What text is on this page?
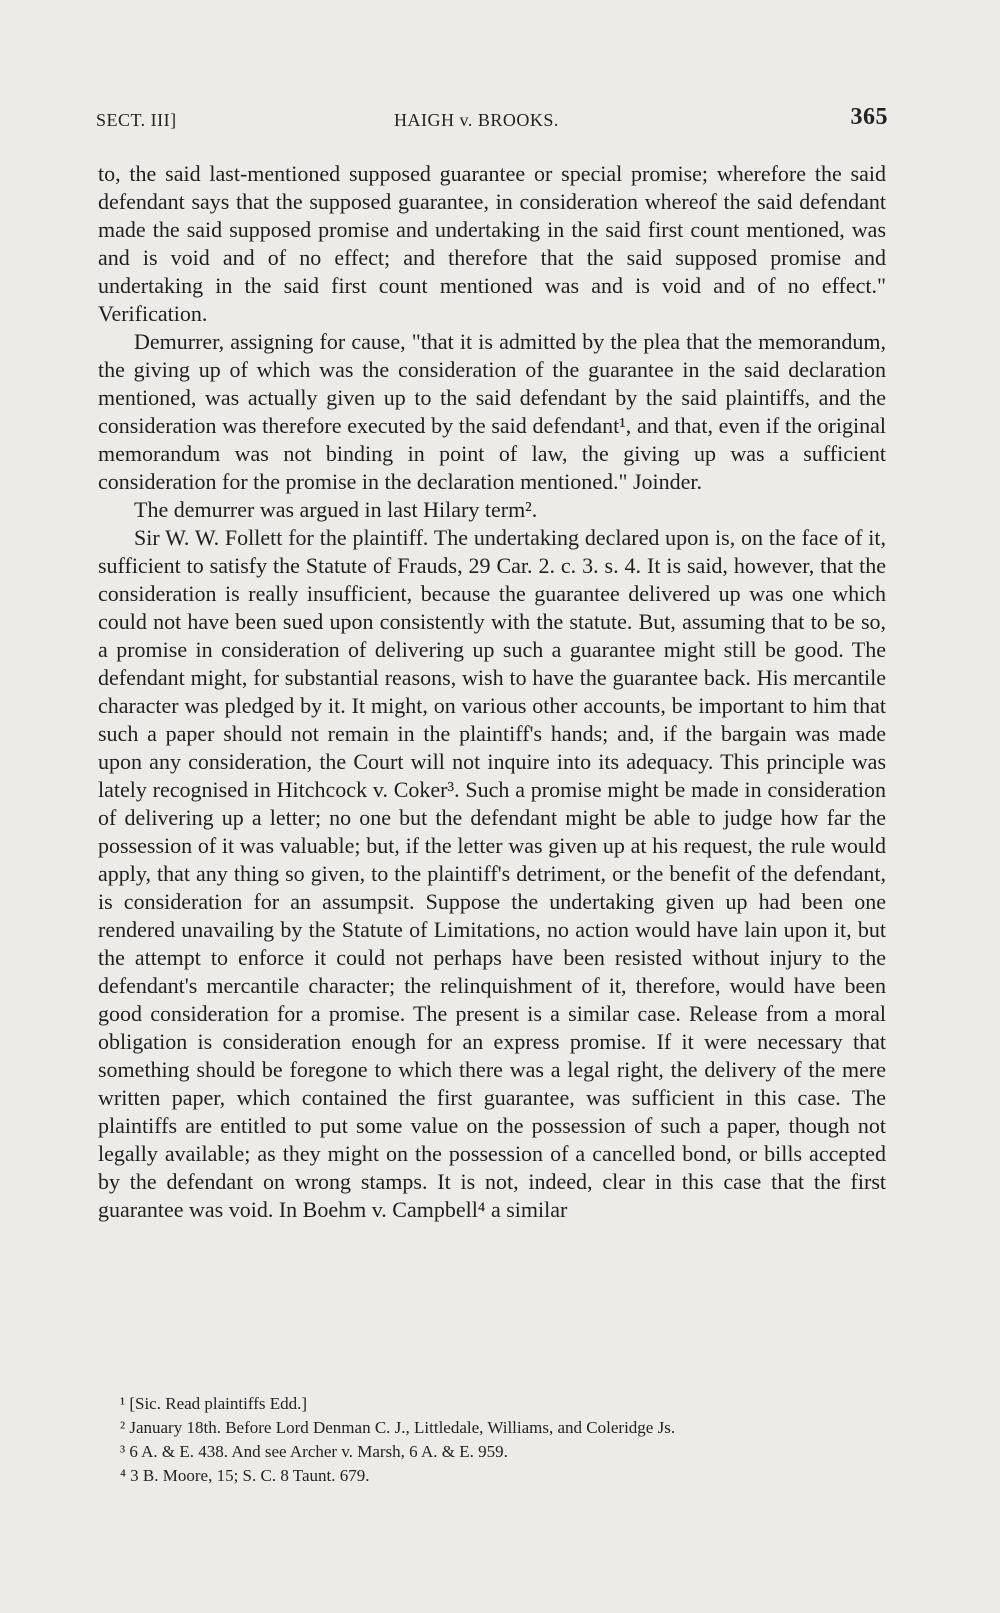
SECT. III]	HAIGH v. BROOKS.	365

to, the said last-mentioned supposed guarantee or special promise; wherefore the said defendant says that the supposed guarantee, in consideration whereof the said defendant made the said supposed promise and undertaking in the said first count mentioned, was and is void and of no effect; and therefore that the said supposed promise and undertaking in the said first count mentioned was and is void and of no effect." Verification.

Demurrer, assigning for cause, "that it is admitted by the plea that the memorandum, the giving up of which was the consideration of the guarantee in the said declaration mentioned, was actually given up to the said defendant by the said plaintiffs, and the consideration was therefore executed by the said defendant¹, and that, even if the original memorandum was not binding in point of law, the giving up was a sufficient consideration for the promise in the declaration mentioned." Joinder.

The demurrer was argued in last Hilary term².

Sir W. W. Follett for the plaintiff. The undertaking declared upon is, on the face of it, sufficient to satisfy the Statute of Frauds, 29 Car. 2. c. 3. s. 4. It is said, however, that the consideration is really insufficient, because the guarantee delivered up was one which could not have been sued upon consistently with the statute. But, assuming that to be so, a promise in consideration of delivering up such a guarantee might still be good. The defendant might, for substantial reasons, wish to have the guarantee back. His mercantile character was pledged by it. It might, on various other accounts, be important to him that such a paper should not remain in the plaintiff's hands; and, if the bargain was made upon any consideration, the Court will not inquire into its adequacy. This principle was lately recognised in Hitchcock v. Coker³. Such a promise might be made in consideration of delivering up a letter; no one but the defendant might be able to judge how far the possession of it was valuable; but, if the letter was given up at his request, the rule would apply, that any thing so given, to the plaintiff's detriment, or the benefit of the defendant, is consideration for an assumpsit. Suppose the undertaking given up had been one rendered unavailing by the Statute of Limitations, no action would have lain upon it, but the attempt to enforce it could not perhaps have been resisted without injury to the defendant's mercantile character; the relinquishment of it, therefore, would have been good consideration for a promise. The present is a similar case. Release from a moral obligation is consideration enough for an express promise. If it were necessary that something should be foregone to which there was a legal right, the delivery of the mere written paper, which contained the first guarantee, was sufficient in this case. The plaintiffs are entitled to put some value on the possession of such a paper, though not legally available; as they might on the possession of a cancelled bond, or bills accepted by the defendant on wrong stamps. It is not, indeed, clear in this case that the first guarantee was void. In Boehm v. Campbell⁴ a similar

¹ [Sic. Read plaintiffs Edd.]
² January 18th. Before Lord Denman C. J., Littledale, Williams, and Coleridge Js.
³ 6 A. & E. 438. And see Archer v. Marsh, 6 A. & E. 959.
⁴ 3 B. Moore, 15; S. C. 8 Taunt. 679.
